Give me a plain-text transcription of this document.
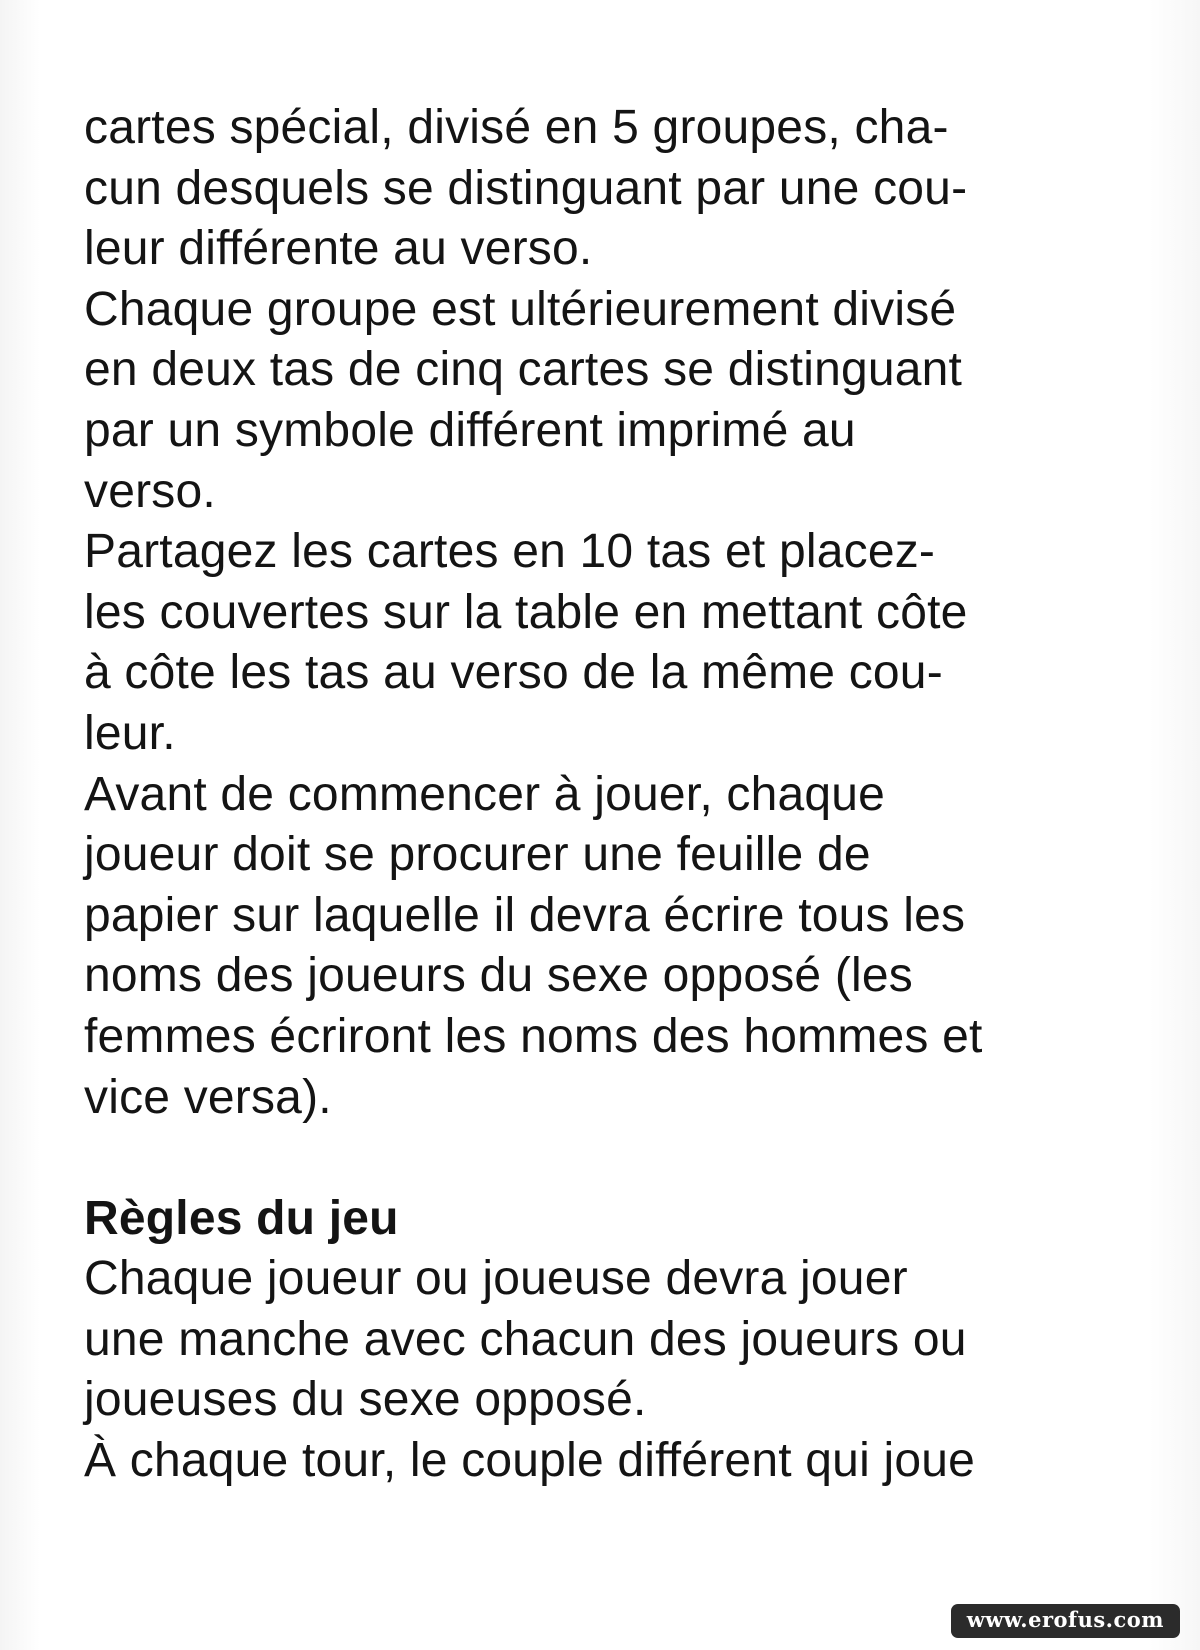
cartes spécial, divisé en 5 groupes, cha-
cun desquels se distinguant par une cou-
leur différente au verso.
Chaque groupe est ultérieurement divisé
en deux tas de cinq cartes se distinguant
par un symbole différent imprimé au
verso.
Partagez les cartes en 10 tas et placez-
les couvertes sur la table en mettant côte
à côte les tas au verso de la même cou-
leur.
Avant de commencer à jouer, chaque
joueur doit se procurer une feuille de
papier sur laquelle il devra écrire tous les
noms des joueurs du sexe opposé (les
femmes écriront les noms des hommes et
vice versa).
Règles du jeu
Chaque joueur ou joueuse devra jouer
une manche avec chacun des joueurs ou
joueuses du sexe opposé.
À chaque tour, le couple différent qui joue
www.erofus.com
